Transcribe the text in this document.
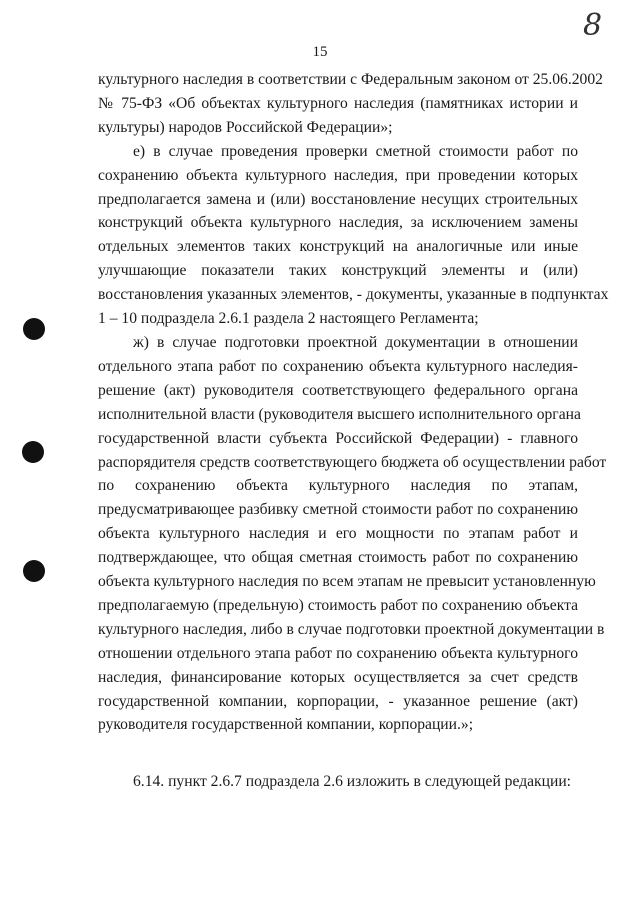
8
15

культурного наследия в соответствии с Федеральным законом от 25.06.2002
№ 75-ФЗ «Об объектах культурного наследия (памятниках истории и
культуры) народов Российской Федерации»;

е) в случае проведения проверки сметной стоимости работ по
сохранению объекта культурного наследия, при проведении которых
предполагается замена и (или) восстановление несущих строительных
конструкций объекта культурного наследия, за исключением замены
отдельных элементов таких конструкций на аналогичные или иные
улучшающие показатели таких конструкций элементы и (или)
восстановления указанных элементов, - документы, указанные в подпунктах
1 – 10 подраздела 2.6.1 раздела 2 настоящего Регламента;

ж) в случае подготовки проектной документации в отношении
отдельного этапа работ по сохранению объекта культурного наследия-
решение (акт) руководителя соответствующего федерального органа
исполнительной власти (руководителя высшего исполнительного органа
государственной власти субъекта Российской Федерации) - главного
распорядителя средств соответствующего бюджета об осуществлении работ
по сохранению объекта культурного наследия по этапам,
предусматривающее разбивку сметной стоимости работ по сохранению
объекта культурного наследия и его мощности по этапам работ и
подтверждающее, что общая сметная стоимость работ по сохранению
объекта культурного наследия по всем этапам не превысит установленную
предполагаемую (предельную) стоимость работ по сохранению объекта
культурного наследия, либо в случае подготовки проектной документации в
отношении отдельного этапа работ по сохранению объекта культурного
наследия, финансирование которых осуществляется за счет средств
государственной компании, корпорации, - указанное решение (акт)
руководителя государственной компании, корпорации.»;

6.14. пункт 2.6.7 подраздела 2.6 изложить в следующей редакции:
